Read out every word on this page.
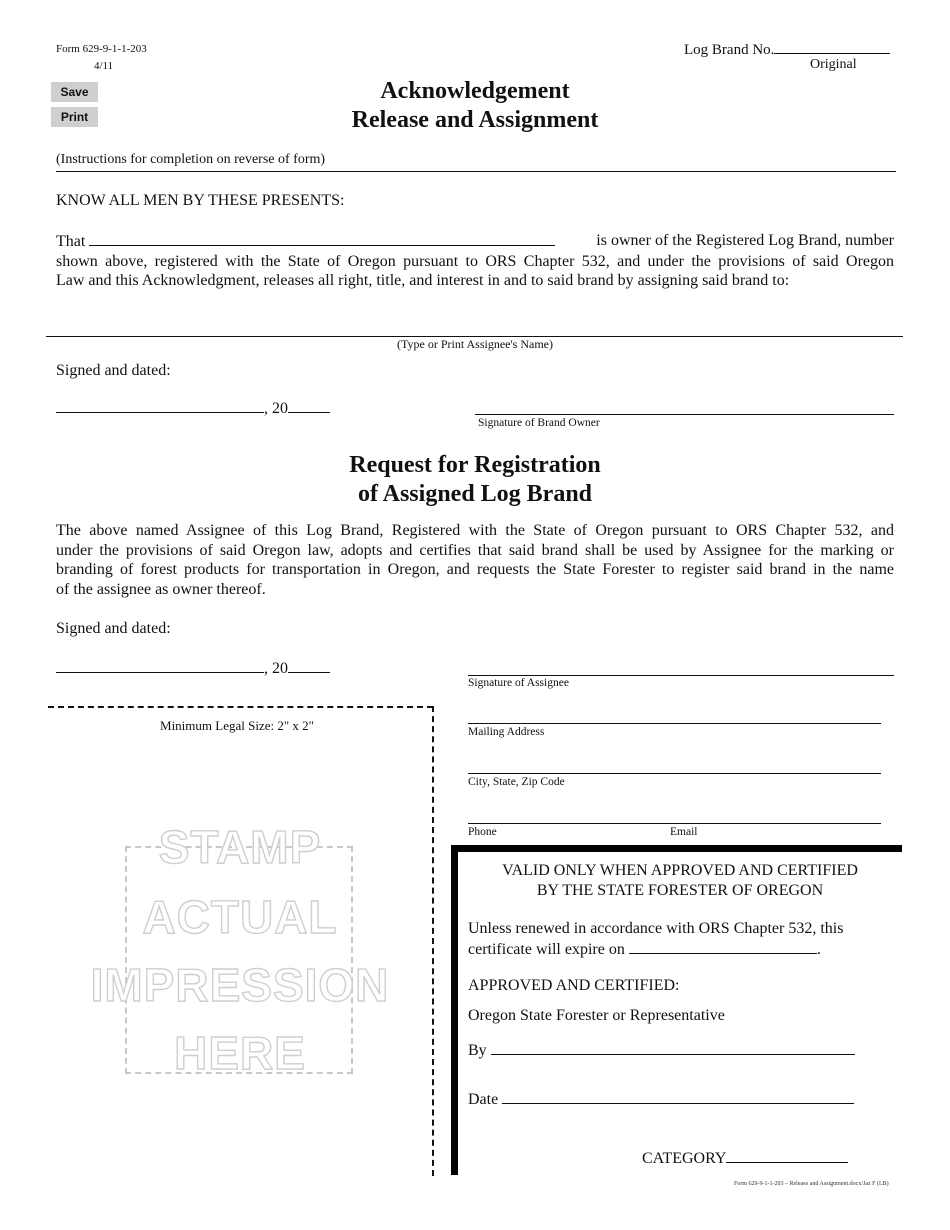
Form 629-9-1-1-203
4/11
Log Brand No.
Original
Save
Print
Acknowledgement
Release and Assignment
(Instructions for completion on reverse of form)
KNOW ALL MEN BY THESE PRESENTS:
That	is owner of the Registered Log Brand, number
shown above, registered with the State of Oregon pursuant to ORS Chapter 532, and under the provisions of said Oregon
Law and this Acknowledgment, releases all right, title, and interest in and to said brand by assigning said brand to:
(Type or Print Assignee's Name)
Signed and dated:
, 20
Signature of Brand Owner
Request for Registration
of Assigned Log Brand
The above named Assignee of this Log Brand, Registered with the State of Oregon pursuant to ORS Chapter 532, and
under the provisions of said Oregon law, adopts and certifies that said brand shall be used by Assignee for the marking or
branding of forest products for transportation in Oregon, and requests the State Forester to register said brand in the name
of the assignee as owner thereof.
Signed and dated:
, 20
Signature of Assignee
Mailing Address
City, State, Zip Code
Phone	Email
Minimum Legal Size: 2" x 2"
STAMP
ACTUAL
IMPRESSION
HERE
VALID ONLY WHEN APPROVED AND CERTIFIED
BY THE STATE FORESTER OF OREGON
Unless renewed in accordance with ORS Chapter 532, this
certificate will expire on	.
APPROVED AND CERTIFIED:
Oregon State Forester or Representative
By
Date
CATEGORY
Form 629-9-1-1-203 – Release and Assignment.docx/Jaz F (LB)
